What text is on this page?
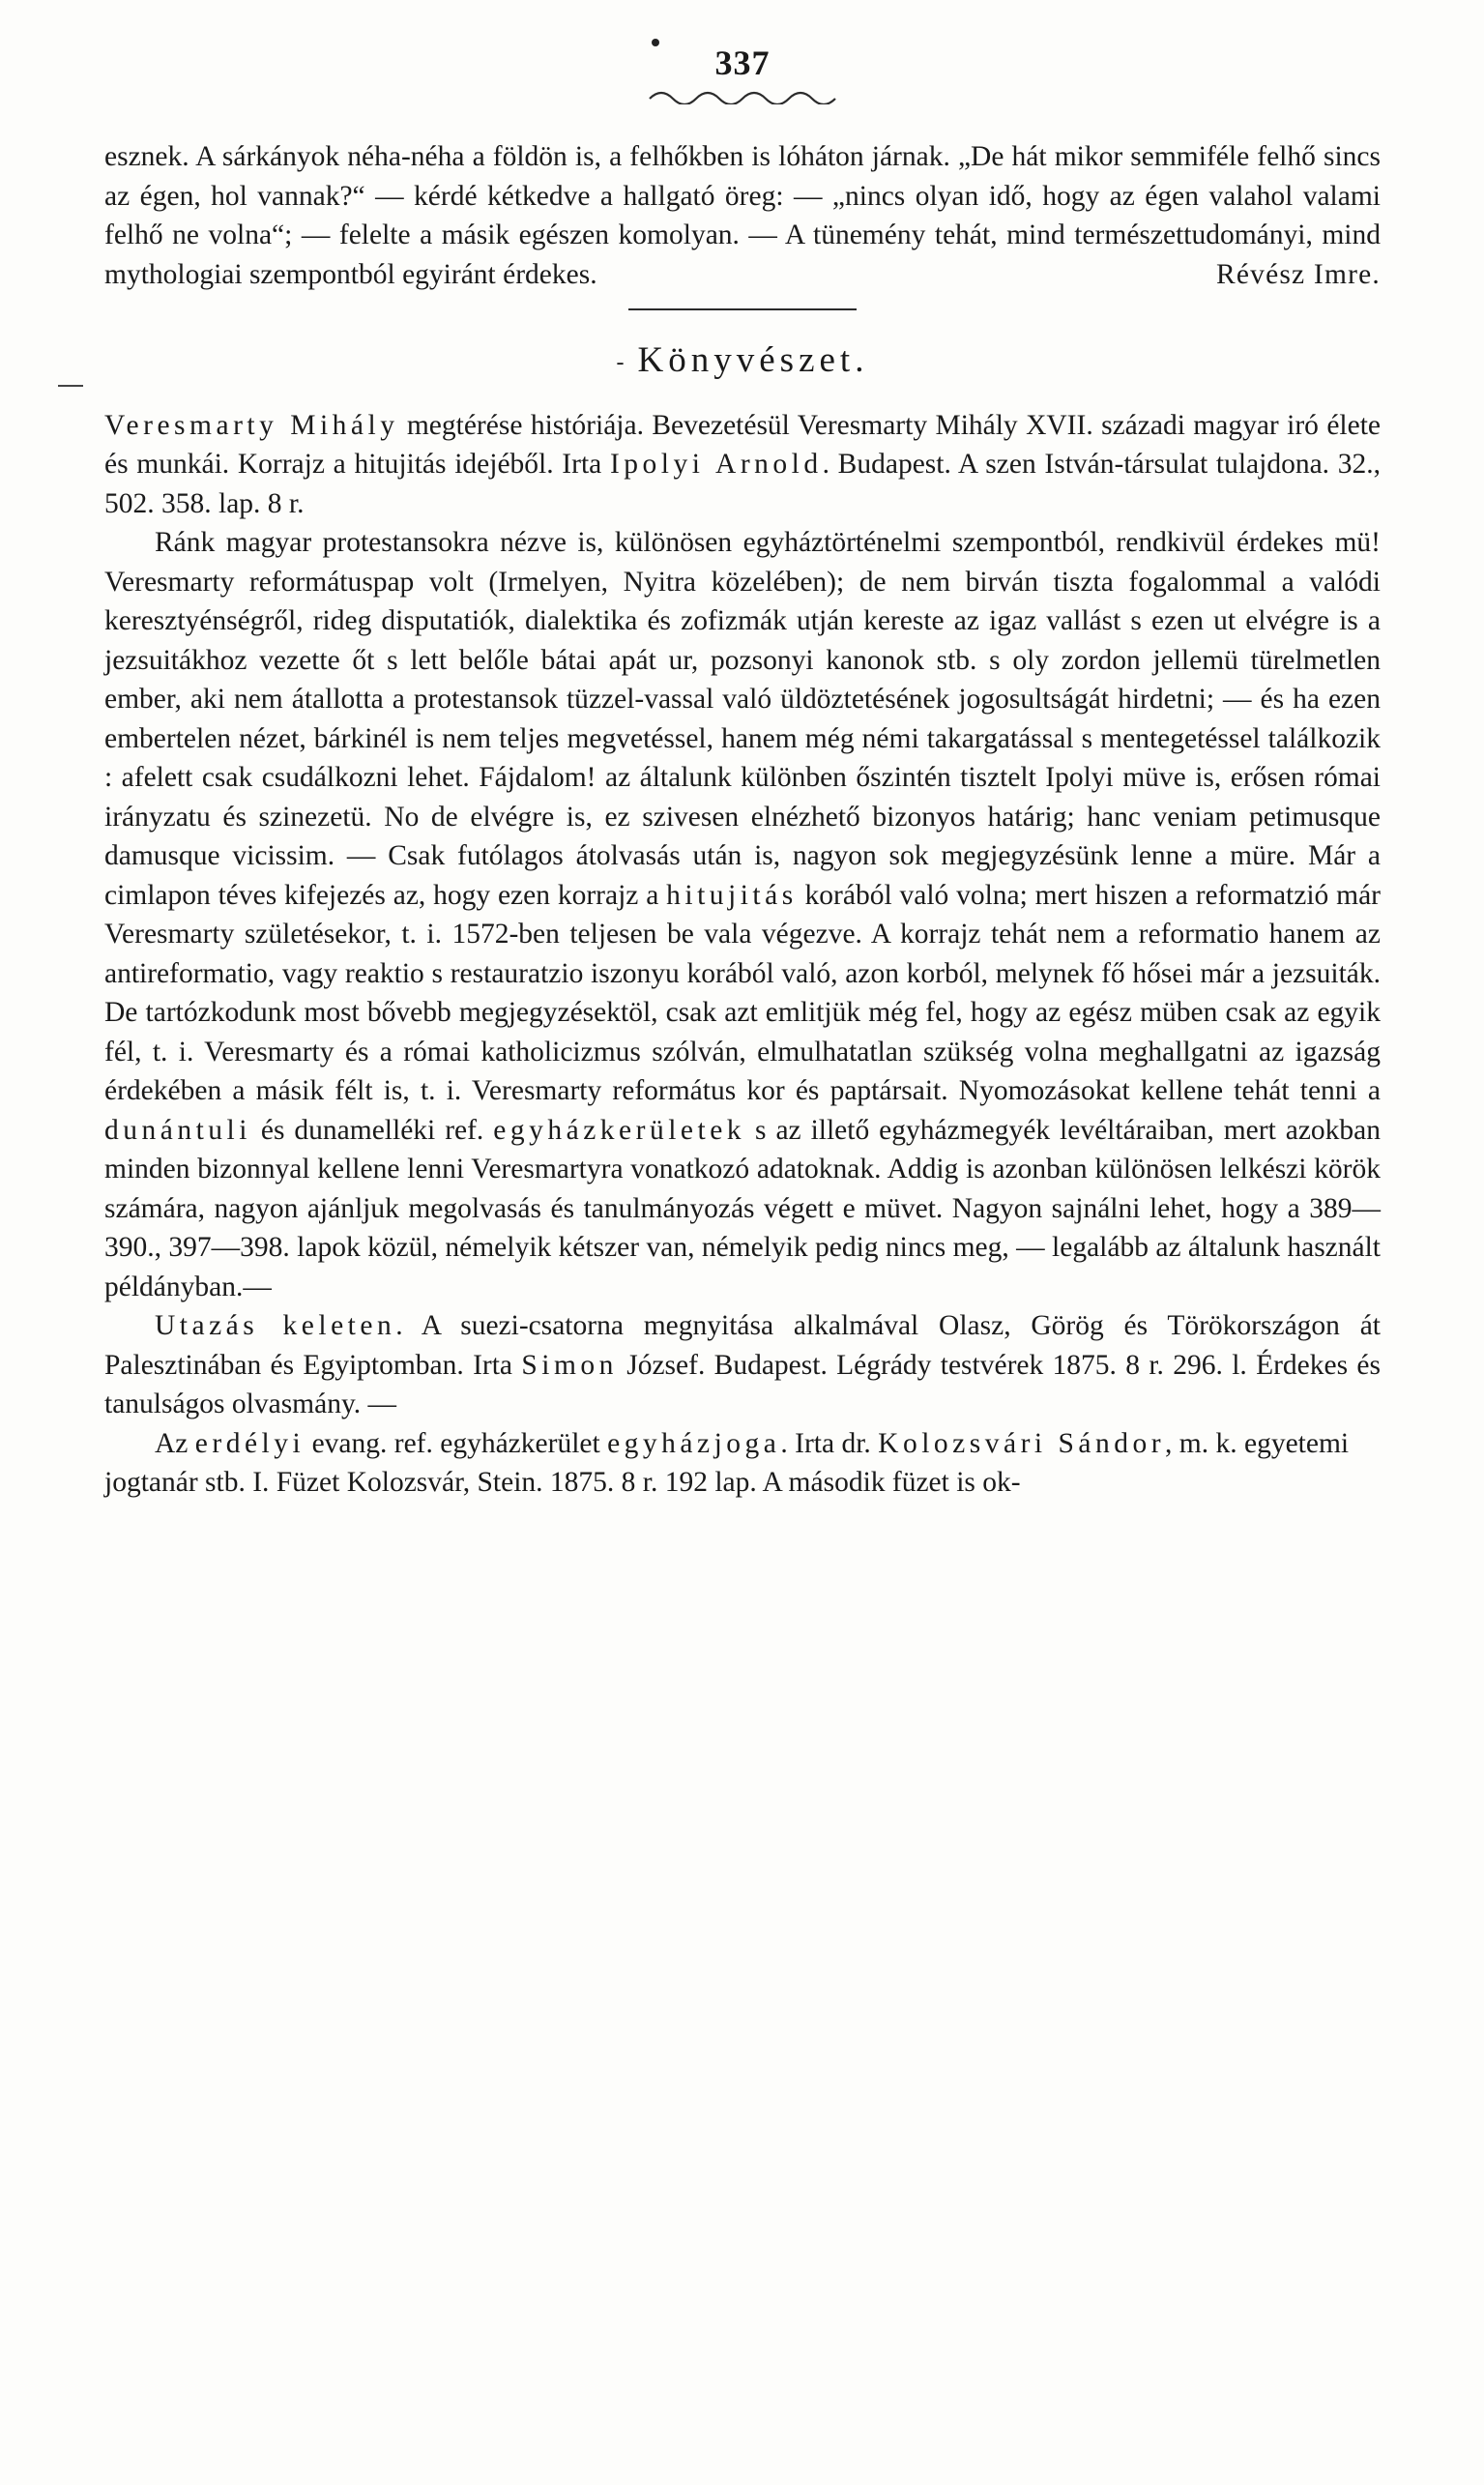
337

esznek. A sárkányok néha-néha a földön is, a felhőkben is lóháton járnak. „De hát mikor semmiféle felhő sincs az égen, hol vannak?“ — kérdé kétkedve a hallgató öreg: — „nincs olyan idő, hogy az égen valahol valami felhő ne volna“; — felelte a másik egészen komolyan. — A tünemény tehát, mind természettudományi, mind mythologiai szempontból egyiránt érdekes.	Révész Imre.
- Könyvészet.

Veresmarty Mihály megtérése históriája. Bevezetésül Veresmarty Mihály XVII. századi magyar iró élete és munkái. Korrajz a hitujitás idejéből. Irta Ipolyi Arnold. Budapest. A szen István-társulat tulajdona. 32., 502. 358. lap. 8 r.

Ránk magyar protestansokra nézve is, különösen egyháztörténelmi szempontból, rendkivül érdekes mü! Veresmarty reformátuspap volt (Irmelyen, Nyitra közelében); de nem birván tiszta fogalommal a valódi keresztyénségről, rideg disputatiók, dialektika és zofizmák utján kereste az igaz vallást s ezen ut elvégre is a jezsuitákhoz vezette őt s lett belőle bátai apát ur, pozsonyi kanonok stb. s oly zordon jellemü türelmetlen ember, aki nem átallotta a protestansok tüzzel-vassal való üldöztetésének jogosultságát hirdetni; — és ha ezen embertelen nézet, bárkinél is nem teljes megvetéssel, hanem még némi takargatással s mentegetéssel találkozik : afelett csak csudálkozni lehet. Fájdalom! az általunk különben őszintén tisztelt Ipolyi müve is, erősen római irányzatu és szinezetü. No de elvégre is, ez szivesen elnézhető bizonyos határig; hanc veniam petimusque damusque vicissim. — Csak futólagos átolvasás után is, nagyon sok megjegyzésünk lenne a müre. Már a cimlapon téves kifejezés az, hogy ezen korrajz a hitujitás korából való volna; mert hiszen a reformatzió már Veresmarty születésekor, t. i. 1572-ben teljesen be vala végezve. A korrajz tehát nem a reformatio hanem az antireformatio, vagy reaktio s restauratzio iszonyu korából való, azon korból, melynek fő hősei már a jezsuiták. De tartózkodunk most bővebb megjegyzésektöl, csak azt emlitjük még fel, hogy az egész müben csak az egyik fél, t. i. Veresmarty és a római katholicizmus szólván, elmulhatatlan szükség volna meghallgatni az igazság érdekében a másik félt is, t. i. Veresmarty református kor és paptársait. Nyomozásokat kellene tehát tenni a dunántuli és dunamelléki ref. egyházkerületek s az illető egyházmegyék levéltáraiban, mert azokban minden bizonnyal kellene lenni Veresmartyra vonatkozó adatoknak. Addig is azonban különösen lelkészi körök számára, nagyon ajánljuk megolvasás és tanulmányozás végett e müvet. Nagyon sajnálni lehet, hogy a 389—390., 397—398. lapok közül, némelyik kétszer van, némelyik pedig nincs meg, — legalább az általunk használt példányban.—

Utazás keleten. A suezi-csatorna megnyitása alkalmával Olasz, Görög és Törökországon át Palesztinában és Egyiptomban. Irta Simon József. Budapest. Légrády testvérek 1875. 8 r. 296. l. Érdekes és tanulságos olvasmány. —

Az erdélyi evang. ref. egyházkerület egyházjoga. Irta dr. Kolozsvári Sándor, m. k. egyetemi jogtanár stb. I. Füzet Kolozsvár, Stein. 1875. 8 r. 192 lap. A második füzet is ok-
